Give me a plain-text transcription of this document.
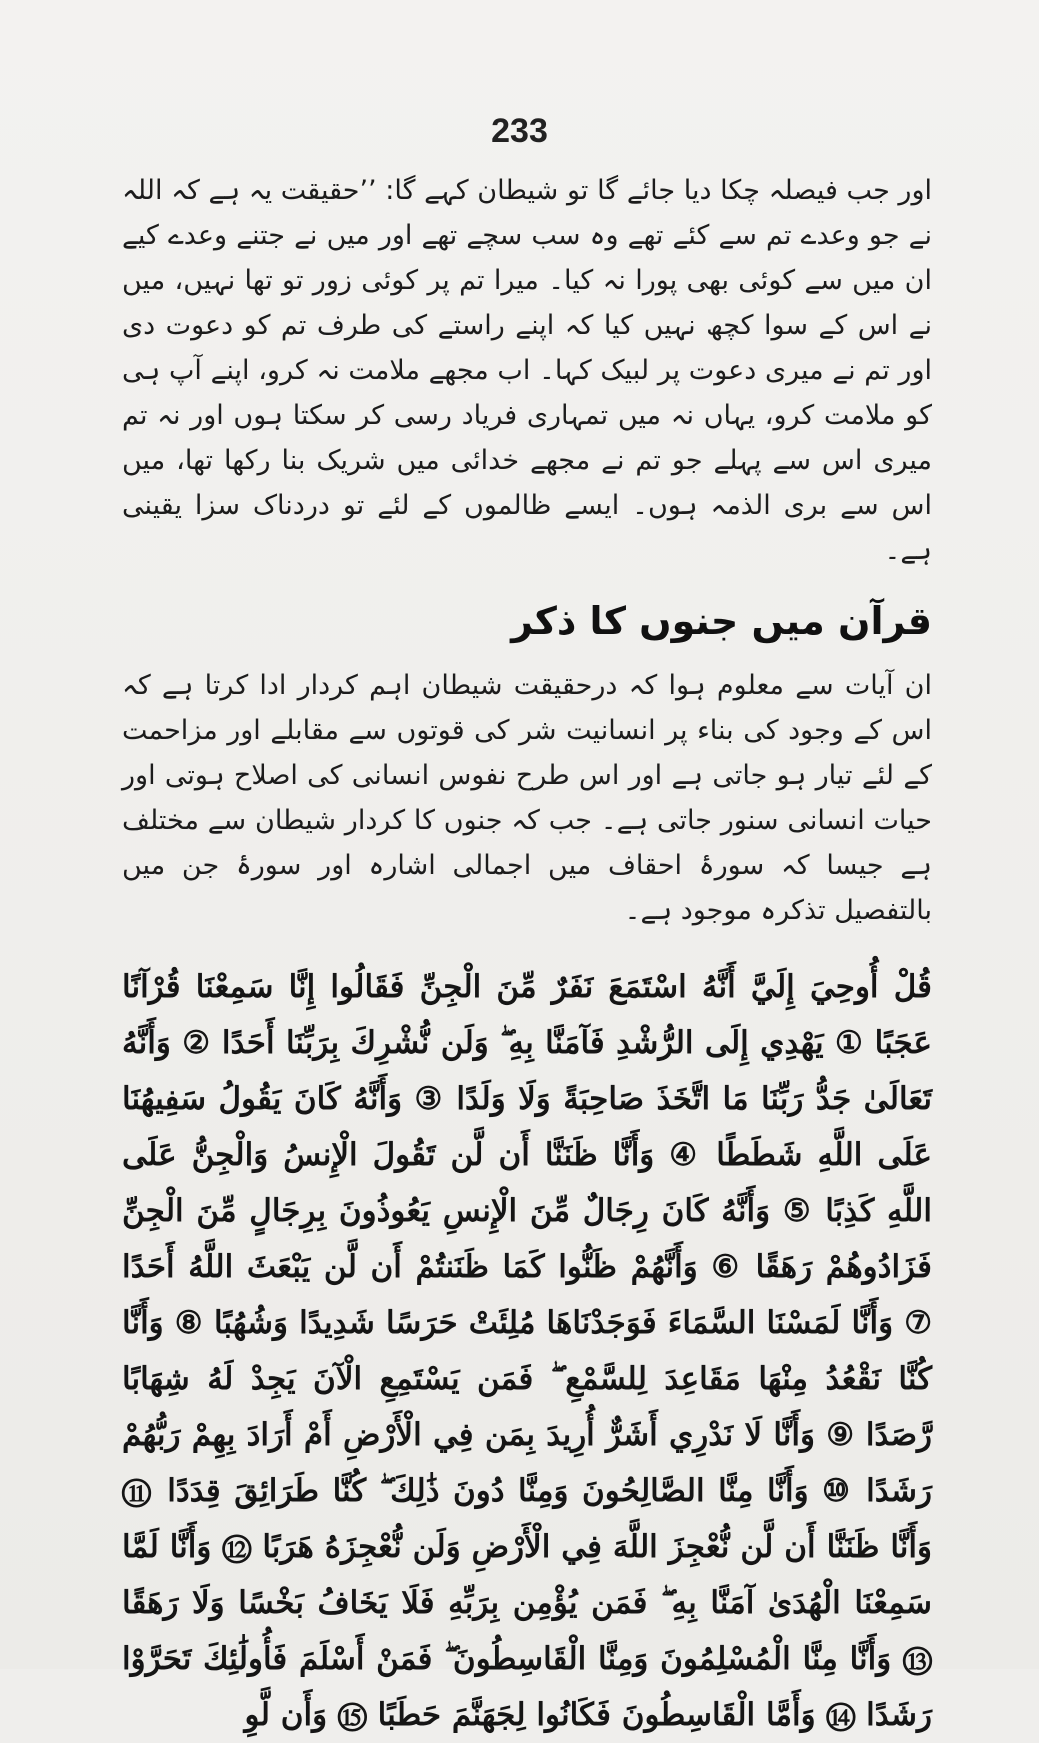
233

اور جب فیصلہ چکا دیا جائے گا تو شیطان کہے گا: ’’حقیقت یہ ہے کہ اللہ نے جو وعدے تم سے کئے تھے وہ سب سچے تھے اور میں نے جتنے وعدے کیے ان میں سے کوئی بھی پورا نہ کیا۔ میرا تم پر کوئی زور تو تھا نہیں، میں نے اس کے سوا کچھ نہیں کیا کہ اپنے راستے کی طرف تم کو دعوت دی اور تم نے میری دعوت پر لبیک کہا۔ اب مجھے ملامت نہ کرو، اپنے آپ ہی کو ملامت کرو، یہاں نہ میں تمہاری فریاد رسی کر سکتا ہوں اور نہ تم میری اس سے پہلے جو تم نے مجھے خدائی میں شریک بنا رکھا تھا، میں اس سے بری الذمہ ہوں۔ ایسے ظالموں کے لئے تو دردناک سزا یقینی ہے۔

قرآن میں جنوں کا ذکر

ان آیات سے معلوم ہوا کہ درحقیقت شیطان اہم کردار ادا کرتا ہے کہ اس کے وجود کی بناء پر انسانیت شر کی قوتوں سے مقابلے اور مزاحمت کے لئے تیار ہو جاتی ہے اور اس طرح نفوس انسانی کی اصلاح ہوتی اور حیات انسانی سنور جاتی ہے۔ جب کہ جنوں کا کردار شیطان سے مختلف ہے جیسا کہ سورۂ احقاف میں اجمالی اشارہ اور سورۂ جن میں بالتفصیل تذکرہ موجود ہے۔

قُلْ أُوحِيَ إِلَيَّ أَنَّهُ اسْتَمَعَ نَفَرٌ مِّنَ الْجِنِّ فَقَالُوا إِنَّا سَمِعْنَا قُرْآنًا عَجَبًا ① يَهْدِي إِلَى الرُّشْدِ فَآمَنَّا بِهِ ۖ وَلَن نُّشْرِكَ بِرَبِّنَا أَحَدًا ② وَأَنَّهُ تَعَالَىٰ جَدُّ رَبِّنَا مَا اتَّخَذَ صَاحِبَةً وَلَا وَلَدًا ③ وَأَنَّهُ كَانَ يَقُولُ سَفِيهُنَا عَلَى اللَّهِ شَطَطًا ④ وَأَنَّا ظَنَنَّا أَن لَّن تَقُولَ الْإِنسُ وَالْجِنُّ عَلَى اللَّهِ كَذِبًا ⑤ وَأَنَّهُ كَانَ رِجَالٌ مِّنَ الْإِنسِ يَعُوذُونَ بِرِجَالٍ مِّنَ الْجِنِّ فَزَادُوهُمْ رَهَقًا ⑥ وَأَنَّهُمْ ظَنُّوا كَمَا ظَنَنتُمْ أَن لَّن يَبْعَثَ اللَّهُ أَحَدًا ⑦ وَأَنَّا لَمَسْنَا السَّمَاءَ فَوَجَدْنَاهَا مُلِئَتْ حَرَسًا شَدِيدًا وَشُهُبًا ⑧ وَأَنَّا كُنَّا نَقْعُدُ مِنْهَا مَقَاعِدَ لِلسَّمْعِ ۖ فَمَن يَسْتَمِعِ الْآنَ يَجِدْ لَهُ شِهَابًا رَّصَدًا ⑨ وَأَنَّا لَا نَدْرِي أَشَرٌّ أُرِيدَ بِمَن فِي الْأَرْضِ أَمْ أَرَادَ بِهِمْ رَبُّهُمْ رَشَدًا ⑩ وَأَنَّا مِنَّا الصَّالِحُونَ وَمِنَّا دُونَ ذَٰلِكَ ۖ كُنَّا طَرَائِقَ قِدَدًا ⑪ وَأَنَّا ظَنَنَّا أَن لَّن نُّعْجِزَ اللَّهَ فِي الْأَرْضِ وَلَن نُّعْجِزَهُ هَرَبًا ⑫ وَأَنَّا لَمَّا سَمِعْنَا الْهُدَىٰ آمَنَّا بِهِ ۖ فَمَن يُؤْمِن بِرَبِّهِ فَلَا يَخَافُ بَخْسًا وَلَا رَهَقًا ⑬ وَأَنَّا مِنَّا الْمُسْلِمُونَ وَمِنَّا الْقَاسِطُونَ ۖ فَمَنْ أَسْلَمَ فَأُولَٰئِكَ تَحَرَّوْا رَشَدًا ⑭ وَأَمَّا الْقَاسِطُونَ فَكَانُوا لِجَهَنَّمَ حَطَبًا ⑮ وَأَن لَّوِ
